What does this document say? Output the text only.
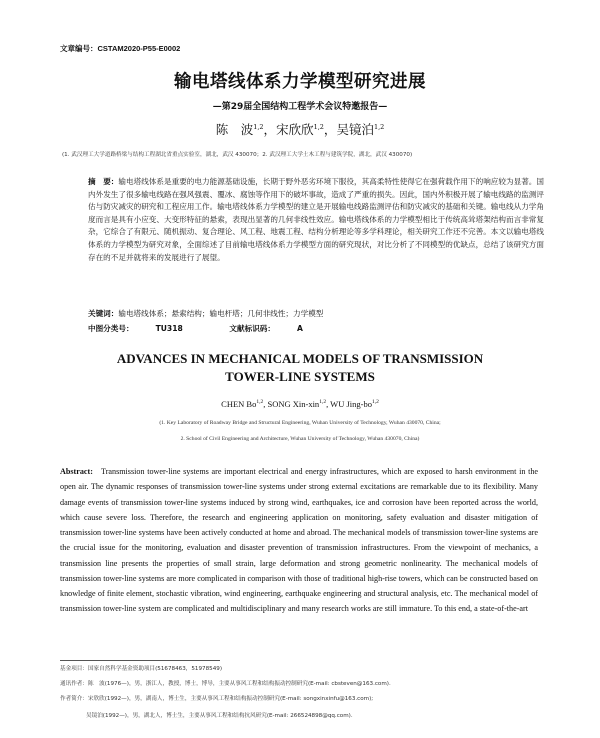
文章编号：CSTAM2020-P55-E0002
输电塔线体系力学模型研究进展
—第29届全国结构工程学术会议特邀报告—
陈　波$^{1,2}$，宋欣欣$^{1,2}$，吴镜泊$^{1,2}$
(1. 武汉理工大学道路桥梁与结构工程湖北省重点实验室，湖北，武汉 430070；2. 武汉理工大学土木工程与建筑学院，湖北，武汉 430070)
摘　要：输电塔线体系是重要的电力能源基础设施，长期于野外恶劣环境下服役，其高柔特性使得它在强荷载作用下的响应较为显著。国内外发生了很多输电线路在强风强震、覆冰、腐蚀等作用下的破坏事故，造成了严重的损失。因此，国内外积极开展了输电线路的监测评估与防灾减灾的研究和工程应用工作。输电塔线体系力学模型的建立是开展输电线路监测评估和防灾减灾的基础和关键。输电线从力学角度而言是具有小应变、大变形特征的悬索，表现出显著的几何非线性效应。输电塔线体系的力学模型相比于传统高耸塔架结构而言非常复杂，它综合了有限元、随机振动、复合理论、风工程、地震工程、结构分析理论等多学科理论，相关研究工作还不完善。本文以输电塔线体系的力学模型为研究对象，全面综述了目前输电塔线体系力学模型方面的研究现状，对比分析了不同模型的优缺点，总结了该研究方面存在的不足并就将来的发展进行了展望。
关键词：输电塔线体系；悬索结构；输电杆塔；几何非线性；力学模型
中图分类号：	TU318	文献标识码：	A
ADVANCES IN MECHANICAL MODELS OF TRANSMISSION
TOWER-LINE SYSTEMS
CHEN Bo$^{1,2}$, SONG Xin-xin$^{1,2}$, WU Jing-bo$^{1,2}$
(1. Key Laboratory of Roadway Bridge and Structural Engineering, Wuhan University of Technology, Wuhan 430070, China;
2. School of Civil Engineering and Architecture, Wuhan University of Technology, Wuhan 430070, China)
Abstract: Transmission tower-line systems are important electrical and energy infrastructures, which are exposed to harsh environment in the open air. The dynamic responses of transmission tower-line systems under strong external excitations are remarkable due to its flexibility. Many damage events of transmission tower-line systems induced by strong wind, earthquakes, ice and corrosion have been reported across the world, which cause severe loss. Therefore, the research and engineering application on monitoring, safety evaluation and disaster mitigation of transmission tower-line systems have been actively conducted at home and abroad. The mechanical models of transmission tower-line systems are the crucial issue for the monitoring, evaluation and disaster prevention of transmission infrastructures. From the viewpoint of mechanics, a transmission line presents the properties of small strain, large deformation and strong geometric nonlinearity. The mechanical models of transmission tower-line systems are more complicated in comparison with those of traditional high-rise towers, which can be constructed based on knowledge of finite element, stochastic vibration, wind engineering, earthquake engineering and structural analysis, etc. The mechanical model of transmission tower-line system are complicated and multidisciplinary and many research works are still immature. To this end, a state-of-the-art
基金项目：国家自然科学基金资助项目(51678463，51978549)
通讯作者：陈　波(1976—)，男，浙江人，教授，博士，博导，主要从事风工程和结构振动控制研究(E-mail: cbsteven@163.com).
作者简介：宋欣欣(1992—)，男，湖南人，博士生，主要从事风工程和结构振动控制研究(E-mail: songxinxinfu@163.com);
吴镜泊(1992—)，男，湖北人，博士生，主要从事风工程和结构抗风研究(E-mail: 266524898@qq.com).
